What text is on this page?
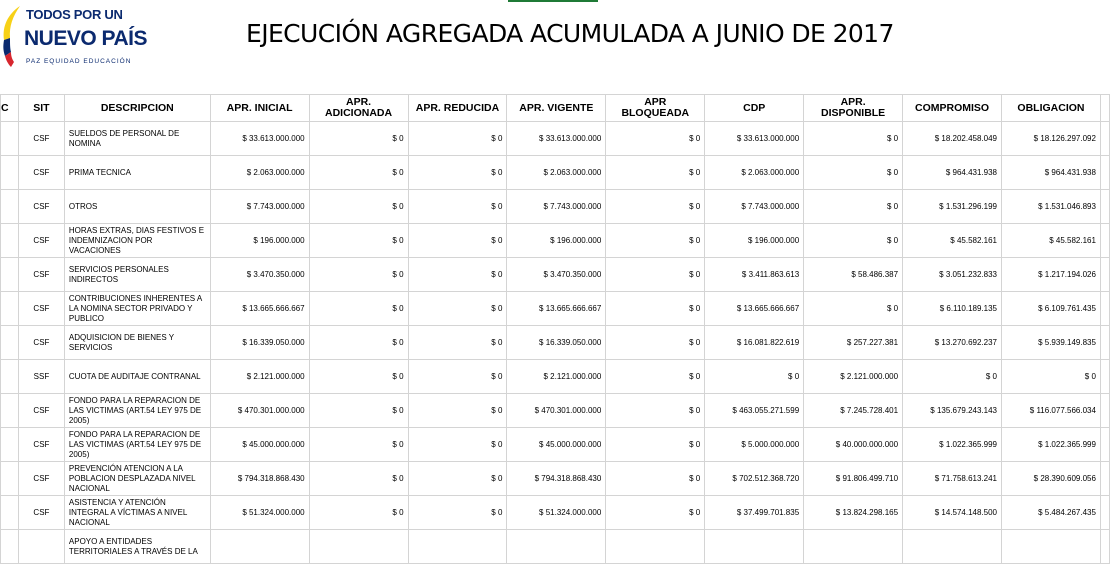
TODOS POR UN
NUEVO PAÍS
PAZ EQUIDAD EDUCACIÓN
EJECUCIÓN AGREGADA ACUMULADA A JUNIO DE 2017
C	SIT	DESCRIPCION	APR. INICIAL	APR. ADICIONADA	APR. REDUCIDA	APR. VIGENTE	APR BLOQUEADA	CDP	APR. DISPONIBLE	COMPROMISO	OBLIGACION	
	CSF	SUELDOS DE PERSONAL DE NOMINA	$ 33.613.000.000	$ 0	$ 0	$ 33.613.000.000	$ 0	$ 33.613.000.000	$ 0	$ 18.202.458.049	$ 18.126.297.092	
	CSF	PRIMA TECNICA	$ 2.063.000.000	$ 0	$ 0	$ 2.063.000.000	$ 0	$ 2.063.000.000	$ 0	$ 964.431.938	$ 964.431.938	
	CSF	OTROS	$ 7.743.000.000	$ 0	$ 0	$ 7.743.000.000	$ 0	$ 7.743.000.000	$ 0	$ 1.531.296.199	$ 1.531.046.893	
	CSF	HORAS EXTRAS, DIAS FESTIVOS E INDEMNIZACION POR VACACIONES	$ 196.000.000	$ 0	$ 0	$ 196.000.000	$ 0	$ 196.000.000	$ 0	$ 45.582.161	$ 45.582.161	
	CSF	SERVICIOS PERSONALES INDIRECTOS	$ 3.470.350.000	$ 0	$ 0	$ 3.470.350.000	$ 0	$ 3.411.863.613	$ 58.486.387	$ 3.051.232.833	$ 1.217.194.026	
	CSF	CONTRIBUCIONES INHERENTES A LA NOMINA SECTOR PRIVADO Y PUBLICO	$ 13.665.666.667	$ 0	$ 0	$ 13.665.666.667	$ 0	$ 13.665.666.667	$ 0	$ 6.110.189.135	$ 6.109.761.435	
	CSF	ADQUISICION DE BIENES Y SERVICIOS	$ 16.339.050.000	$ 0	$ 0	$ 16.339.050.000	$ 0	$ 16.081.822.619	$ 257.227.381	$ 13.270.692.237	$ 5.939.149.835	
	SSF	CUOTA DE AUDITAJE CONTRANAL	$ 2.121.000.000	$ 0	$ 0	$ 2.121.000.000	$ 0	$ 0	$ 2.121.000.000	$ 0	$ 0	
	CSF	FONDO PARA LA REPARACION DE LAS VICTIMAS (ART.54 LEY 975 DE 2005)	$ 470.301.000.000	$ 0	$ 0	$ 470.301.000.000	$ 0	$ 463.055.271.599	$ 7.245.728.401	$ 135.679.243.143	$ 116.077.566.034	
	CSF	FONDO PARA LA REPARACION DE LAS VICTIMAS (ART.54 LEY 975 DE 2005)	$ 45.000.000.000	$ 0	$ 0	$ 45.000.000.000	$ 0	$ 5.000.000.000	$ 40.000.000.000	$ 1.022.365.999	$ 1.022.365.999	
	CSF	PREVENCIÓN ATENCION A LA POBLACION DESPLAZADA NIVEL NACIONAL	$ 794.318.868.430	$ 0	$ 0	$ 794.318.868.430	$ 0	$ 702.512.368.720	$ 91.806.499.710	$ 71.758.613.241	$ 28.390.609.056	
	CSF	ASISTENCIA Y ATENCIÓN INTEGRAL A VÍCTIMAS A NIVEL NACIONAL	$ 51.324.000.000	$ 0	$ 0	$ 51.324.000.000	$ 0	$ 37.499.701.835	$ 13.824.298.165	$ 14.574.148.500	$ 5.484.267.435	
		APOYO A ENTIDADES TERRITORIALES A TRAVÉS DE LA										
